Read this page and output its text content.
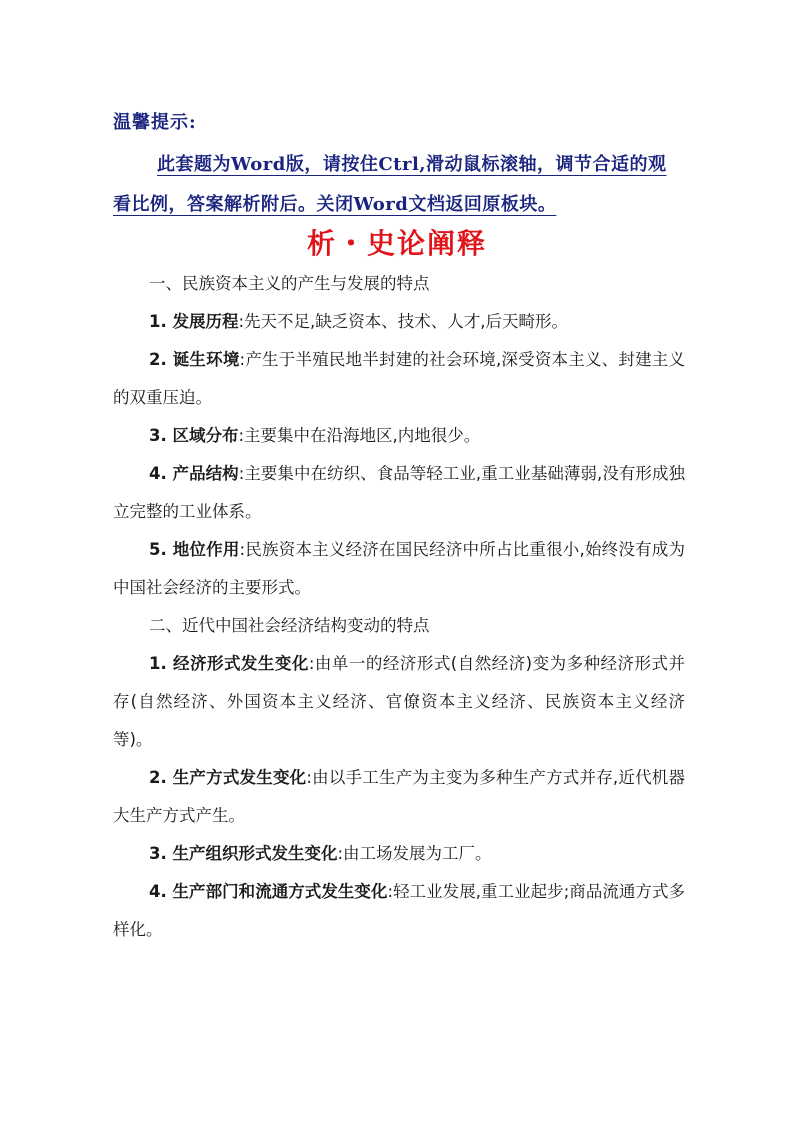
温馨提示:
此套题为Word版，请按住Ctrl,滑动鼠标滚轴，调节合适的观看比例，答案解析附后。关闭Word文档返回原板块。
析・史论阐释

一、民族资本主义的产生与发展的特点

1. 发展历程:先天不足,缺乏资本、技术、人才,后天畸形。

2. 诞生环境:产生于半殖民地半封建的社会环境,深受资本主义、封建主义的双重压迫。

3. 区域分布:主要集中在沿海地区,内地很少。

4. 产品结构:主要集中在纺织、食品等轻工业,重工业基础薄弱,没有形成独立完整的工业体系。

5. 地位作用:民族资本主义经济在国民经济中所占比重很小,始终没有成为中国社会经济的主要形式。

二、近代中国社会经济结构变动的特点

1. 经济形式发生变化:由单一的经济形式(自然经济)变为多种经济形式并存(自然经济、外国资本主义经济、官僚资本主义经济、民族资本主义经济等)。

2. 生产方式发生变化:由以手工生产为主变为多种生产方式并存,近代机器大生产方式产生。

3. 生产组织形式发生变化:由工场发展为工厂。

4. 生产部门和流通方式发生变化:轻工业发展,重工业起步;商品流通方式多样化。
